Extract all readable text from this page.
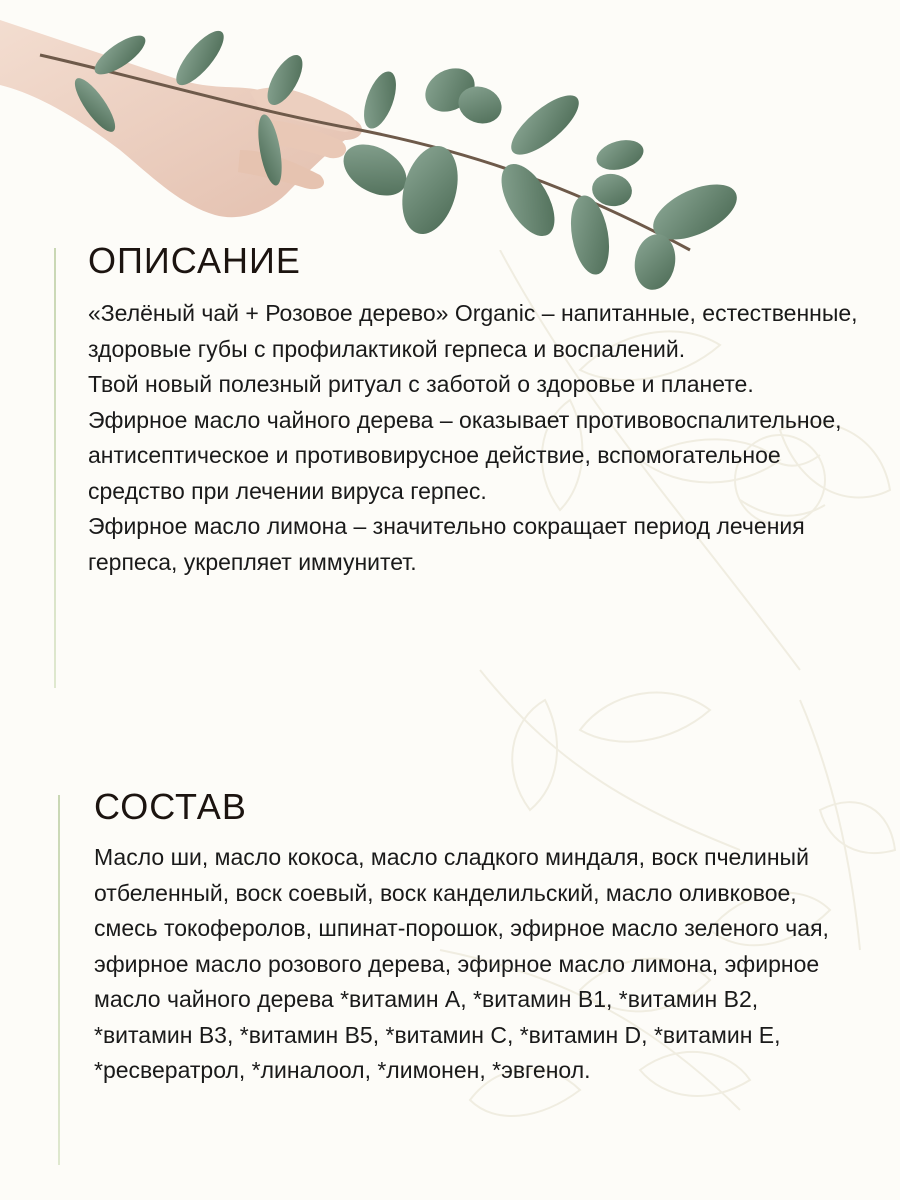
ОПИСАНИЕ

«Зелёный чай + Розовое дерево» Organic – напитанные, естественные, здоровые губы с профилактикой герпеса и воспалений.

Твой новый полезный ритуал с заботой о здоровье и планете.

Эфирное масло чайного дерева – оказывает противовоспалительное, антисептическое и противовирусное действие, вспомогательное средство при лечении вируса герпес.

Эфирное масло лимона – значительно сокращает период лечения герпеса, укрепляет иммунитет.

СОСТАВ

Масло ши, масло кокоса, масло сладкого миндаля, воск пчелиный отбеленный, воск соевый, воск канделильский, масло оливковое, смесь токоферолов, шпинат-порошок, эфирное масло зеленого чая, эфирное масло розового дерева, эфирное масло лимона, эфирное масло чайного дерева *витамин A, *витамин B1, *витамин B2, *витамин B3, *витамин B5, *витамин C, *витамин D, *витамин E, *ресвератрол, *линалоол, *лимонен, *эвгенол.
